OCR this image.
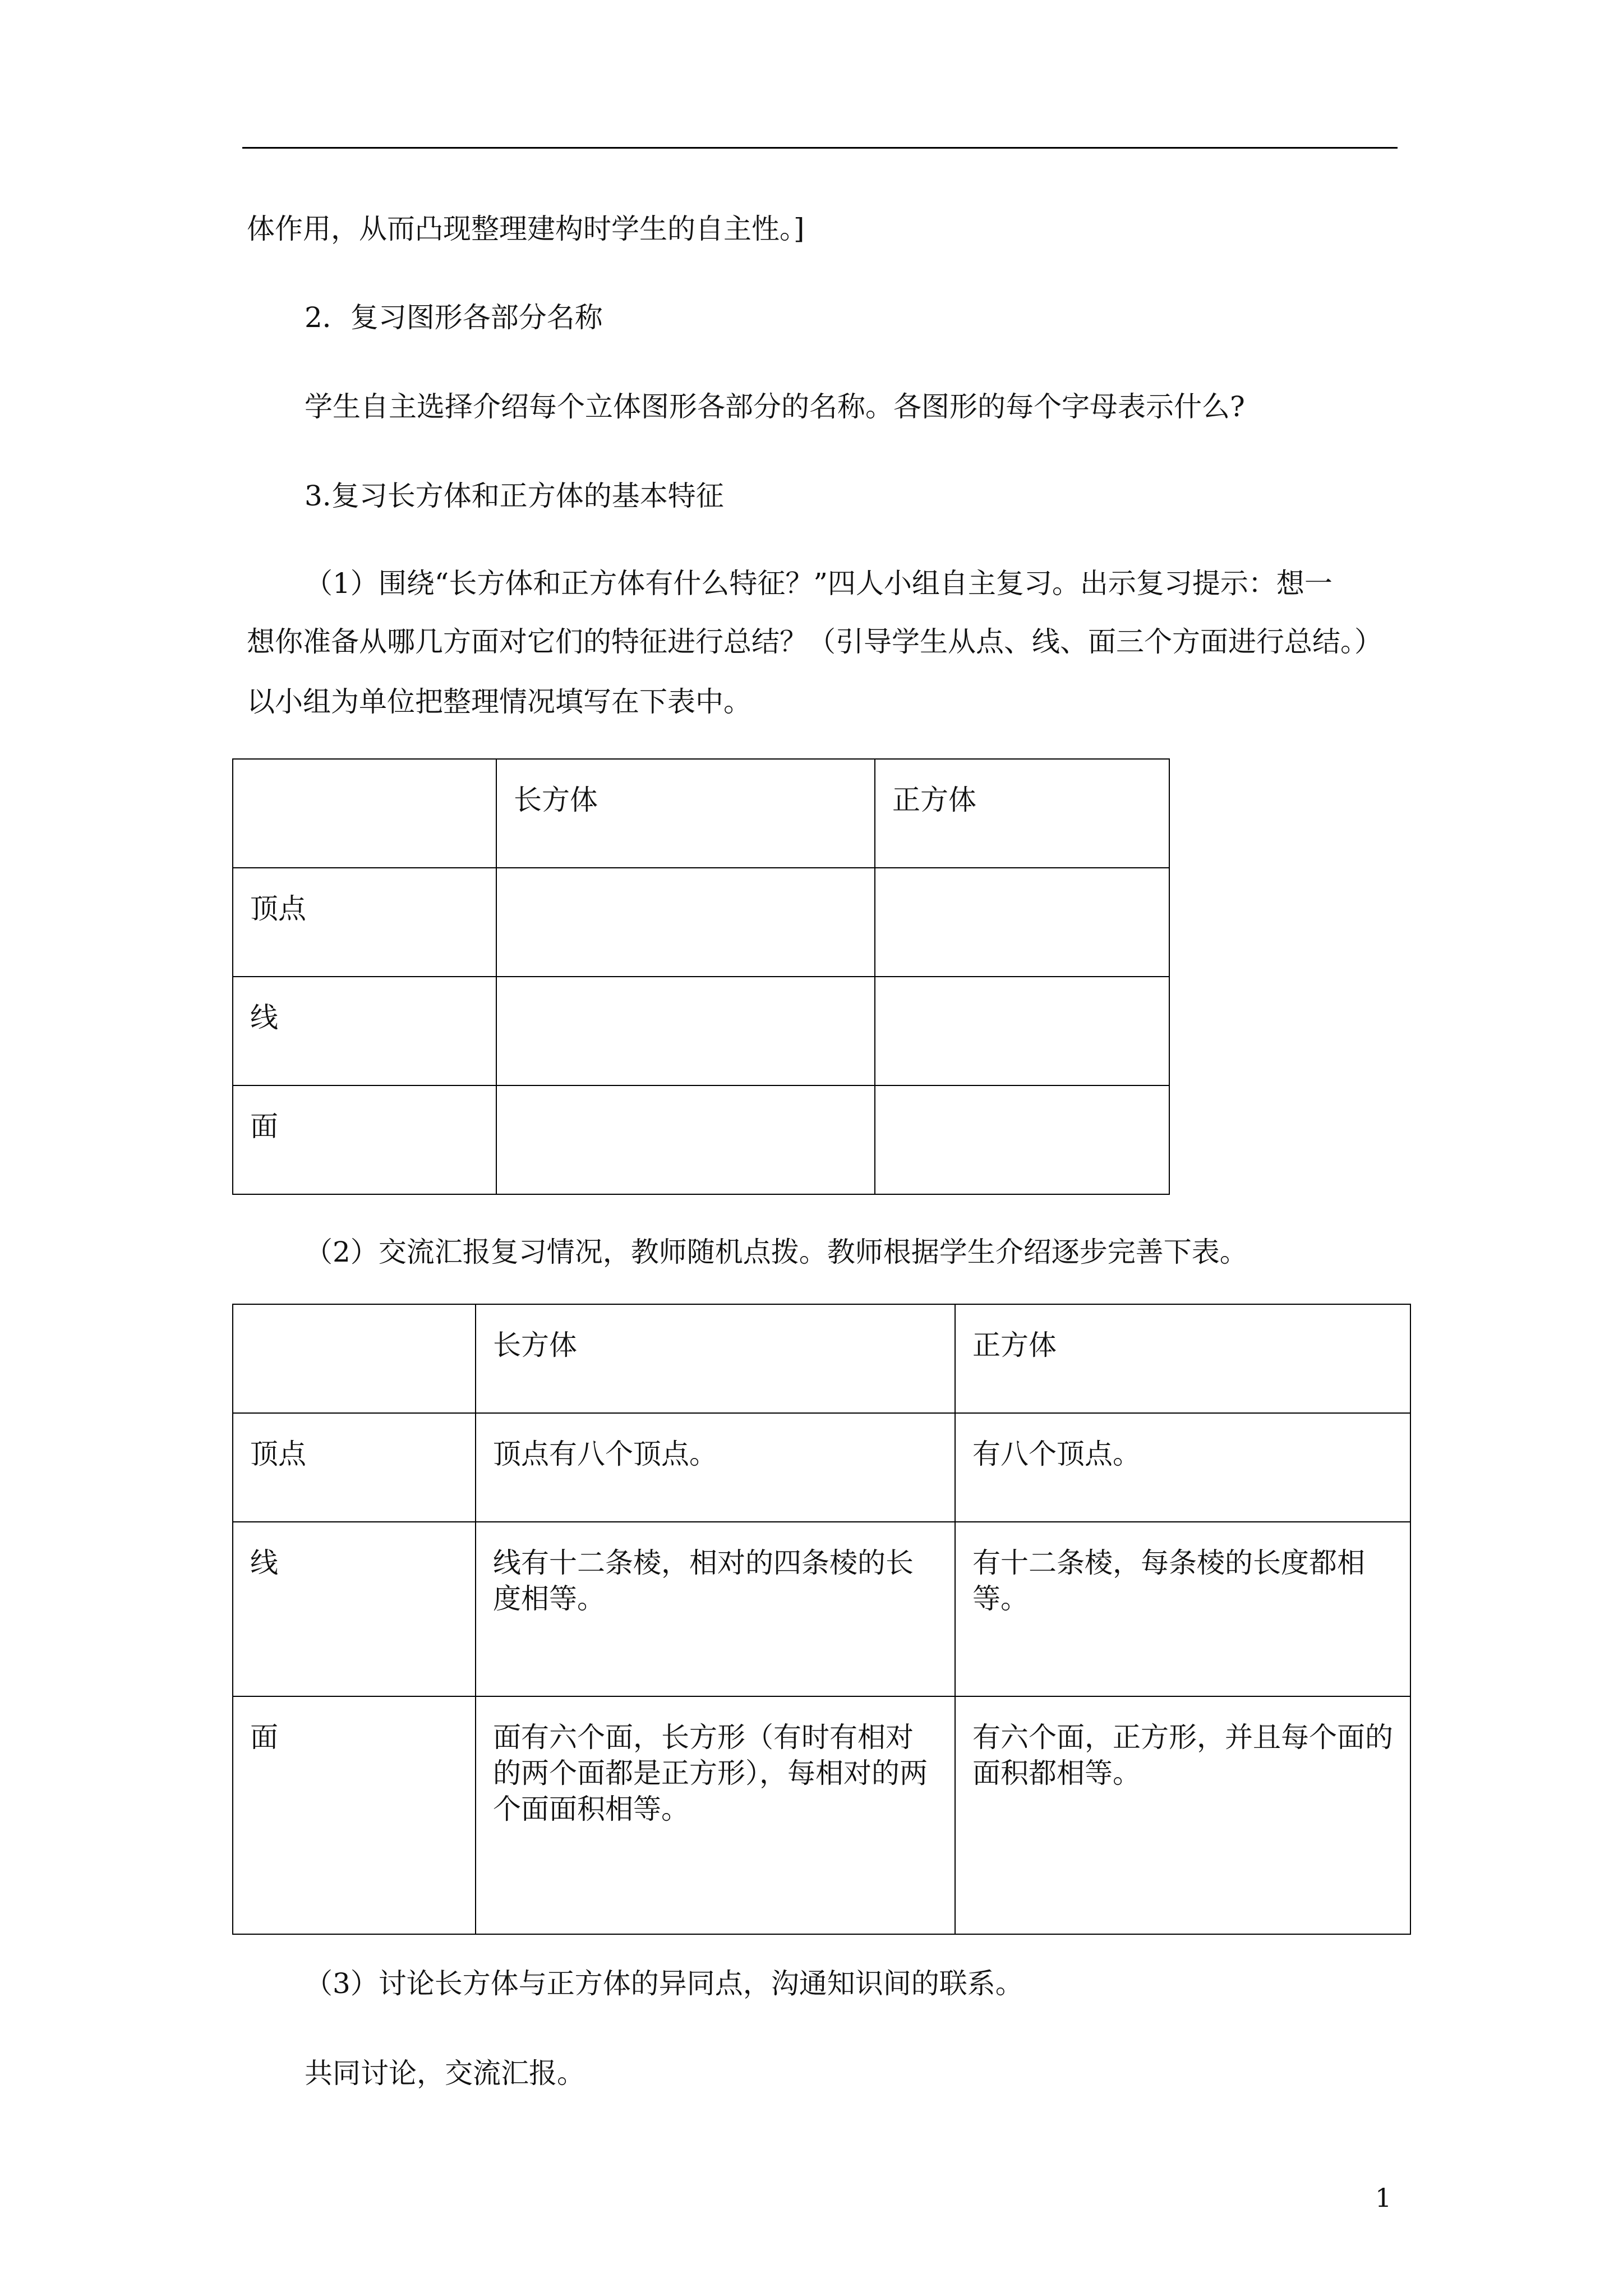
体作用，从而凸现整理建构时学生的自主性。]

2．复习图形各部分名称

学生自主选择介绍每个立体图形各部分的名称。各图形的每个字母表示什么?

3.复习长方体和正方体的基本特征

（1）围绕“长方体和正方体有什么特征？”四人小组自主复习。出示复习提示：想一

想你准备从哪几方面对它们的特征进行总结？（引导学生从点、线、面三个方面进行总结。）

以小组为单位把整理情况填写在下表中。

	长方体	正方体

顶点		

线		

面		

（2）交流汇报复习情况，教师随机点拨。教师根据学生介绍逐步完善下表。

	长方体	正方体

顶点	顶点有八个顶点。	有八个顶点。

线	线有十二条棱，相对的四条棱的长度相等。	有十二条棱，每条棱的长度都相等。

面	面有六个面，长方形（有时有相对的两个面都是正方形），每相对的两个面面积相等。	有六个面，正方形，并且每个面的面积都相等。

（3）讨论长方体与正方体的异同点，沟通知识间的联系。

共同讨论，交流汇报。

1
